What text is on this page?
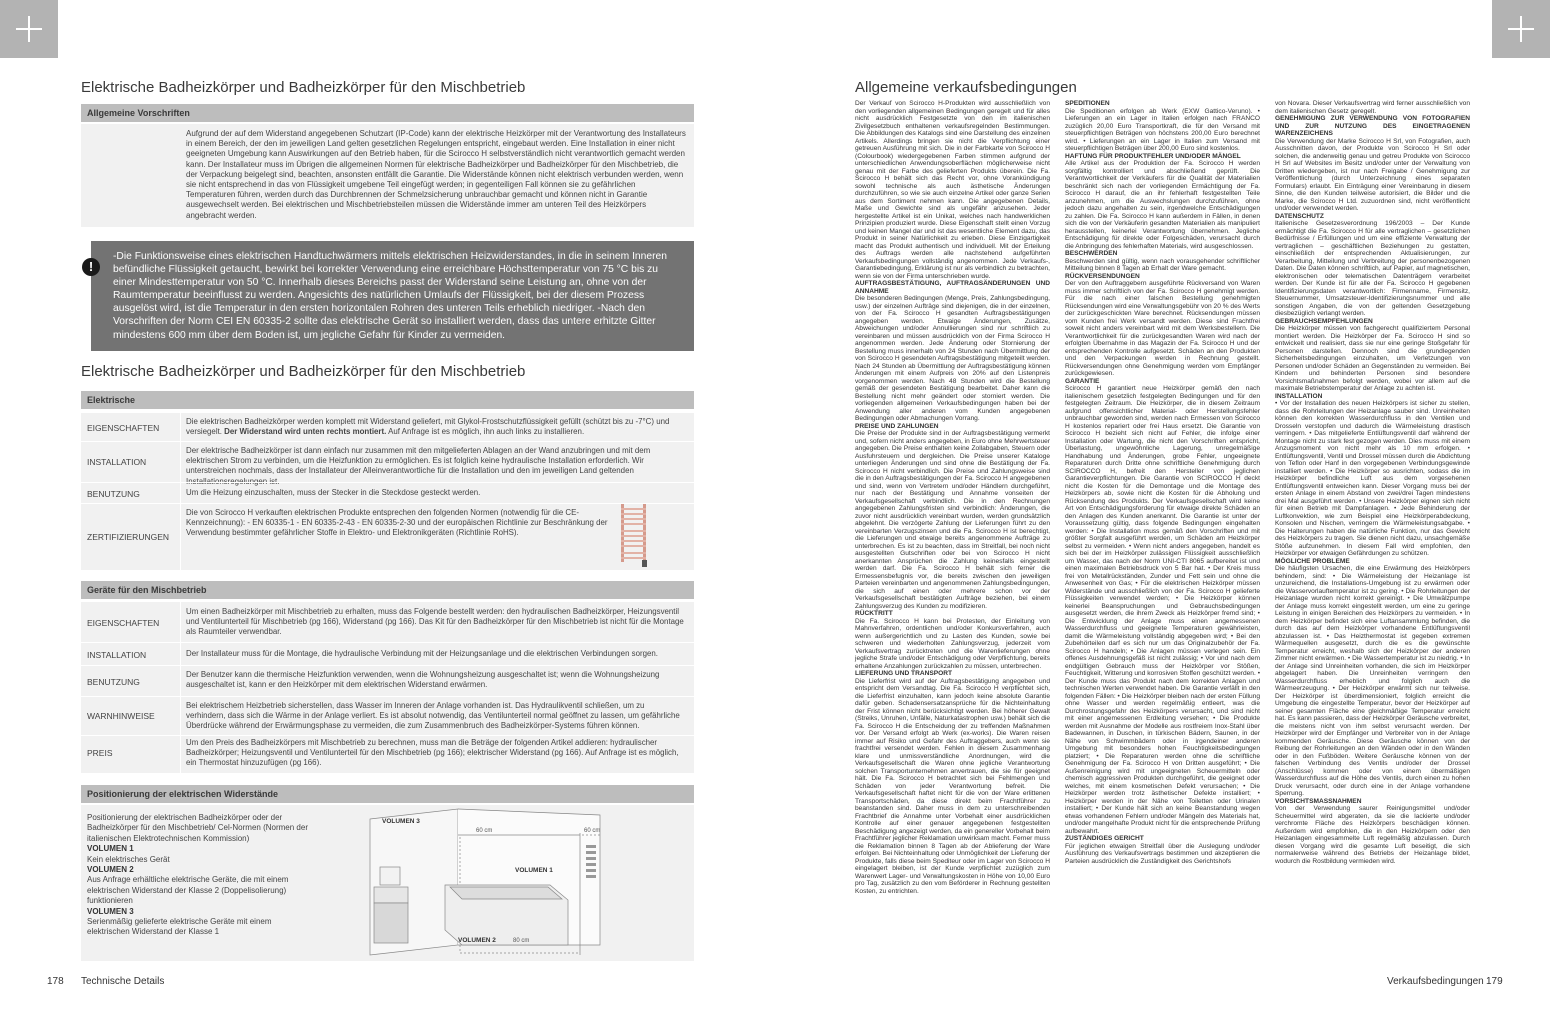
Elektrische Badheizkörper und Badheizkörper für den Mischbetrieb
Allgemeine Vorschriften
Aufgrund der auf dem Widerstand angegebenen Schutzart (IP-Code) kann der elektrische Heizkörper mit der Verantwortung des Installateurs in einem Bereich, der den im jeweiligen Land gelten gesetzlichen Regelungen entspricht, eingebaut werden. Eine Installation in einer nicht geeigneten Umgebung kann Auswirkungen auf den Betrieb haben, für die Scirocco H selbstverständlich nicht verantwortlich gemacht werden kann. Der Installateur muss im Übrigen die allgemeinen Normen für elektrische Badheizkörper und Badheizkörper für den Mischbetrieb, die der Verpackung beigelegt sind, beachten, ansonsten entfällt die Garantie. Die Widerstände können nicht elektrisch verbunden werden, wenn sie nicht entsprechend in das von Flüssigkeit umgebene Teil eingefügt werden; in gegenteiligen Fall können sie zu gefährlichen Temperaturen führen, werden durch das Durchbrennen der Schmelzsicherung unbrauchbar gemacht und können nicht in Garantie ausgewechselt werden. Bei elektrischen und Mischbetriebsteilen müssen die Widerstände immer am unteren Teil des Heizkörpers angebracht werden.
!
-Die Funktionsweise eines elektrischen Handtuchwärmers mittels elektrischen Heizwiderstandes, in die in seinem Inneren befündliche Flüssigkeit getaucht, bewirkt bei korrekter Verwendung eine erreichbare Höchsttemperatur von 75 °C bis zu einer Mindesttemperatur von 50 °C. Innerhalb dieses Bereichs passt der Widerstand seine Leistung an, ohne von der Raumtemperatur beeinflusst zu werden. Angesichts des natürlichen Umlaufs der Flüssigkeit, bei der diesem Prozess ausgelöst wird, ist die Temperatur in den ersten horizontalen Rohren des unteren Teils erheblich niedriger. -Nach den Vorschriften der Norm CEI EN 60335-2 sollte das elektrische Gerät so installiert werden, dass das untere erhitzte Gitter mindestens 600 mm über dem Boden ist, um jegliche Gefahr für Kinder zu vermeiden.
Elektrische Badheizkörper und Badheizkörper für den Mischbetrieb
Elektrische
EIGENSCHAFTEN
Die elektrischen Badheizkörper werden komplett mit Widerstand geliefert, mit Glykol-Frostschutzflüssigkeit gefüllt (schützt bis zu -7°C) und versiegelt. Der Widerstand wird unten rechts montiert. Auf Anfrage ist es möglich, ihn auch links zu installieren.
INSTALLATION
Der elektrische Badheizkörper ist dann einfach nur zusammen mit den mitgelieferten Ablagen an der Wand anzubringen und mit dem elektrischen Strom zu verbinden, um die Heizfunktion zu ermöglichen. Es ist folglich keine hydraulische Installation erforderlich. Wir unterstreichen nochmals, dass der Installateur der Alleinverantwortliche für die Installation und den im jeweiligen Land geltenden Installationsregelungen ist.
BENUTZUNG	Um die Heizung einzuschalten, muss der Stecker in die Steckdose gesteckt werden.
ZERTIFIZIERUNGEN
Die von Scirocco H verkauften elektrischen Produkte entsprechen den folgenden Normen (notwendig für die CE-Kennzeichnung): - EN 60335-1 - EN 60335-2-43 - EN 60335-2-30 und der europäischen Richtlinie zur Beschränkung der Verwendung bestimmter gefährlicher Stoffe in Elektro- und Elektronikgeräten (Richtlinie RoHS).
Geräte für den Mischbetrieb
EIGENSCHAFTEN
Um einen Badheizkörper mit Mischbetrieb zu erhalten, muss das Folgende bestellt werden: den hydraulischen Badheizkörper, Heizungsventil und Ventilunterteil für Mischbetrieb (pg 166), Widerstand (pg 166). Das Kit für den Badheizkörper für den Mischbetrieb ist nicht für die Montage als Raumteiler verwendbar.
INSTALLATION	Der Installateur muss für die Montage, die hydraulische Verbindung mit der Heizungsanlage und die elektrischen Verbindungen sorgen.
BENUTZUNG
Der Benutzer kann die thermische Heizfunktion verwenden, wenn die Wohnungsheizung ausgeschaltet ist; wenn die Wohnungsheizung ausgeschaltet ist, kann er den Heizkörper mit dem elektrischen Widerstand erwärmen.
WARNHINWEISE
Bei elektrischem Heizbetrieb sicherstellen, dass Wasser im Inneren der Anlage vorhanden ist. Das Hydraulikventil schließen, um zu verhindern, dass sich die Wärme in der Anlage verliert. Es ist absolut notwendig, das Ventilunterteil normal geöffnet zu lassen, um gefährliche Überdrücke während der Erwärmungsphase zu vermeiden, die zum Zusammenbruch des Badheizkörper-Systems führen können.
PREIS
Um den Preis des Badheizkörpers mit Mischbetrieb zu berechnen, muss man die Beträge der folgenden Artikel addieren: hydraulischer Badheizkörper; Heizungsventil und Ventilunterteil für den Mischbetrieb (pg 166); elektrischer Widerstand (pg 166). Auf Anfrage ist es möglich, ein Thermostat hinzuzufügen (pg 166).
Positionierung der elektrischen Widerstände
Positionierung der elektrischen Badheizkörper oder der Badheizkörper für den Mischbetrieb/ Cel-Normen (Normen der italienischen Elektrotechnischen Kommission)
VOLUMEN 1
Kein elektrisches Gerät
VOLUMEN 2
Aus Anfrage erhältliche elektrische Geräte, die mit einem elektrischen Widerstand der Klasse 2 (Doppelisolierung) funktionieren
VOLUMEN 3
Serienmäßig gelieferte elektrische Geräte mit einem elektrischen Widerstand der Klasse 1
VOLUMEN 3
VOLUMEN 1
VOLUMEN 2
60 cm	60 cm
80 cm
178 Technische Details
Allgemeine verkaufsbedingungen

Der Verkauf von Scirocco H-Produkten wird ausschließlich von den vorliegenden allgemeinen Bedingungen geregelt und für alles nicht ausdrücklich Festgesetzte von den im italienischen Zivilgesetzbuch enthaltenen verkaufsregelnden Bestimmungen. Die Abbildungen des Katalogs sind eine Darstellung des einzelnen Artikels. Allerdings bringen sie nicht die Verpflichtung einer getreuen Ausführung mit sich. Die in der Farbkarte von Scirocco H (Colourbook) wiedergegebenen Farben stimmen aufgrund der unterschiedlichen Anwendungsoberflächen möglicherweise nicht genau mit der Farbe des gelieferten Produkts überein. Die Fa. Scirocco H behält sich das Recht vor, ohne Vorankündigung sowohl technische als auch ästhetische Änderungen durchzuführen, so wie sie auch einzelne Artikel oder ganze Serien aus dem Sortiment nehmen kann. Die angegebenen Details, Maße und Gewichte sind als ungefähr anzusehen. Jeder hergestellte Artikel ist ein Unikat, welches nach handwerklichen Prinzipien produziert wurde. Diese Eigenschaft stellt einen Vorzug und keinen Mangel dar und ist das wesentliche Element dazu, das Produkt in seiner Natürlichkeit zu erleben. Diese Einzigartigkeit macht das Produkt authentisch und individuell. Mit der Erteilung des Auftrags werden alle nachstehend aufgeführten Verkaufsbedingungen vollständig angenommen. Jede Verkaufs-, Garantiebedingung, Erklärung ist nur als verbindlich zu betrachten, wenn sie von der Firma unterschrieben wurde.

AUFTRAGSBESTÄTIGUNG, AUFTRAGSÄNDERUNGEN UND ANNAHME

Die besonderen Bedingungen (Menge, Preis, Zahlungsbedingung, usw.) der einzelnen Aufträge sind diejenigen, die in der einzelnen, von der Fa. Scirocco H gesandten Auftragsbestätigungen angegeben werden. Etwaige Änderungen, Zusätze, Abweichungen und/oder Annullierungen sind nur schriftlich zu vereinbaren und müssen ausdrücklich von der Firma Scirocco H angenommen werden. Jede Änderung oder Stornierung der Bestellung muss innerhalb von 24 Stunden nach Übermittlung der von Scirocco H gesendeten Auftragsbestätigung mitgeteilt werden. Nach 24 Stunden ab Übermittlung der Auftragsbestätigung können Änderungen mit einem Aufpreis von 20% auf den Listenpreis vorgenommen werden. Nach 48 Stunden wird die Bestellung gemäß der gesendeten Bestätigung bearbeitet. Daher kann die Bestellung nicht mehr geändert oder storniert werden. Die vorliegenden allgemeinen Verkaufsbedingungen haben bei der Anwendung aller anderen vom Kunden angegebenen Bedingungen oder Abmachungen Vorrang.

PREISE UND ZAHLUNGEN

Die Preise der Produkte sind in der Auftragsbestätigung vermerkt und, sofern nicht anders angegeben, in Euro ohne Mehrwertsteuer angegeben. Die Preise enthalten keine Zollabgaben, Steuern oder Ausfuhrsteuern und dergleichen. Die Preise unserer Kataloge unterliegen Änderungen und sind ohne die Bestätigung der Fa. Scirocco H nicht verbindlich. Die Preise und Zahlungsweise sind die in den Auftragsbestätigungen der Fa. Scirocco H angegebenen und sind, wenn von Vertretern und/oder Händlern durchgeführt, nur nach der Bestätigung und Annahme vonseiten der Verkaufsgesellschaft verbindlich. Die in den Rechnungen angegebenen Zahlungsfristen sind verbindlich: Änderungen, die zuvor nicht ausdrücklich vereinbart wurden, werden grundsätzlich abgelehnt. Die verzögerte Zahlung der Lieferungen führt zu den vereinbarten Verzugszinsen und die Fa. Scirocco H ist berechtigt, die Lieferungen und etwaige bereits angenommene Aufträge zu unterbrechen. Es ist zu beachten, dass im Streitfall, bei noch nicht ausgestellten Gutschriften oder bei von Scirocco H nicht anerkannten Ansprüchen die Zahlung keinesfalls eingestellt werden darf. Die Fa. Scirocco H behält sich ferner die Ermessensbefugnis vor, die bereits zwischen den jeweiligen Parteien vereinbarten und angenommenen Zahlungsbedingungen, die sich auf einen oder mehrere schon vor der Verkaufsgesellschaft bestätigten Aufträge beziehen, bei einem Zahlungsverzug des Kunden zu modifizieren.

RÜCKTRITT

Die Fa. Scirocco H kann bei Protesten, der Einleitung von Mahnverfahren, ordentlichen und/oder Konkursverfahren, auch wenn außergerichtlich und zu Lasten des Kunden, sowie bei schweren und wiederholten Zahlungsverzug, jederzeit vom Verkaufsvertrag zurücktreten und die Warenlieferungen ohne jegliche Strafe und/oder Entschädigung oder Verpflichtung, bereits erhaltene Anzahlungen zurückzahlen zu müssen, unterbrechen.

LIEFERUNG UND TRANSPORT

Die Lieferfrist wird auf der Auftragsbestätigung angegeben und entspricht dem Versandtag. Die Fa. Scirocco H verpflichtet sich, die Lieferfrist einzuhalten, kann jedoch keine absolute Garantie dafür geben. Schadensersatzansprüche für die Nichteinhaltung der Frist können nicht berücksichtigt werden. Bei höherer Gewalt (Streiks, Unruhen, Unfälle, Naturkatastrophen usw.) behält sich die Fa. Scirocco H die Entscheidung der zu treffenden Maßnahmen vor. Der Versand erfolgt ab Werk (ex-works). Die Waren reisen immer auf Risiko und Gefahr des Auftraggebers, auch wenn sie frachtfrei versendet werden. Fehlen in diesem Zusammenhang klare und unmissverständliche Anordnungen, wird die Verkaufsgesellschaft die Waren ohne jegliche Verantwortung solchen Transportunternehmen anvertrauen, die sie für geeignet hält. Die Fa. Scirocco H betrachtet sich bei Fehlmengen und Schäden von jeder Verantwortung befreit. Die Verkaufsgesellschaft haftet nicht für die von der Ware erlittenen Transportschäden, da diese direkt beim Frachtführer zu beanstanden sind. Daher muss in dem zu unterschreibenden Frachtbrief die Annahme unter Vorbehalt einer ausdrücklichen Kontrolle auf einer genauer angegebenen festgestellten Beschädigung angezeigt werden, da ein genereller Vorbehalt beim Frachtführer jeglicher Reklamation unwirksam macht. Ferner muss die Reklamation binnen 8 Tagen ab der Ablieferung der Ware erfolgen. Bei Nichteinhaltung oder Unmöglichkeit der Lieferung der Produkte, falls diese beim Spediteur oder im Lager von Scirocco H eingelagert bleiben, ist der Kunde verpflichtet zuzüglich zum Warenwert Lager- und Verwaltungskosten in Höhe von 10,00 Euro pro Tag, zusätzlich zu den vom Beförderer in Rechnung gestellten Kosten, zu entrichten.

SPEDITIONEN

Die Speditionen erfolgen ab Werk (EXW Gattico-Veruno). • Lieferungen an ein Lager in Italien erfolgen nach FRANCO zuzüglich 20,00 Euro Transportkraft, die für den Versand mit steuerpflichtigen Beträgen von höchstens 200,00 Euro berechnet wird. • Lieferungen an ein Lager in Italien zum Versand mit steuerpflichtigen Beträgen über 200,00 Euro sind kostenlos.

HAFTUNG FÜR PRODUKTFEHLER UND/ODER MÄNGEL

Alle Artikel aus der Produktion der Fa. Scirocco H werden sorgfältig kontrolliert und abschließend geprüft. Die Verantwortlichkeit der Verkäufers für die Qualität der Materialien beschränkt sich nach der vorliegenden Ermächtigung der Fa. Scirocco H darauf, die an ihr fehlerhaft festgestellten Teile anzunehmen, um die Auswechslungen durchzuführen, ohne jedoch dazu angehalten zu sein, irgendwelche Entschädigungen zu zahlen. Die Fa. Scirocco H kann außerdem in Fällen, in denen sich die von der Verkäuferin gesandten Materialien als manipuliert herausstellen, keinerlei Verantwortung übernehmen. Jegliche Entschädigung für direkte oder Folgeschäden, verursacht durch die Anbringung des fehlerhaften Materials, wird ausgeschlossen.

BESCHWERDEN

Beschwerden sind gültig, wenn nach vorausgehender schriftlicher Mitteilung binnen 8 Tagen ab Erhalt der Ware gemacht.

RÜCKVERSENDUNGEN

Der von den Auftraggebern ausgeführte Rückversand von Waren muss immer schriftlich von der Fa. Scirocco H genehmigt werden. Für die nach einer falschen Bestellung genehmigten Rücksendungen wird eine Verwaltungsgebühr von 20 % des Werts der zurückgeschickten Ware berechnet. Rücksendungen müssen vom Kunden frei Werk versandt werden. Diese sind Frachtfrei soweit nicht anders vereinbart wird mit dem Werksbestellern. Die Verantwortlichkeit für die zurückgesandten Waren wird nach der erfolgten Übernahme in das Magazin der Fa. Scirocco H und der entsprechenden Kontrolle aufgesetzt. Schäden an den Produkten und den Verpackungen werden in Rechnung gestellt. Rückversendungen ohne Genehmigung werden vom Empfänger zurückgewiesen.

GARANTIE

Scirocco H garantiert neue Heizkörper gemäß den nach italienischem gesetzlich festgelegten Bedingungen und für den festgelegten Zeitraum. Die Heizkörper, die in diesem Zeitraum aufgrund offensichtlicher Material- oder Herstellungsfehler unbrauchbar geworden sind, werden nach Ermessen von Scirocco H kostenlos repariert oder frei Haus ersetzt. Die Garantie von Scirocco H bezieht sich nicht auf Fehler, die infolge einer Installation oder Wartung, die nicht den Vorschriften entspricht, Überlastung, ungewöhnliche Lagerung, unregelmäßige Handhabung und Änderungen, grobe Fehler, ungeeignete Reparaturen durch Dritte ohne schriftliche Genehmigung durch SCIROCCO H, befreit den Hersteller von jeglichen Garantieverpflichtungen. Die Garantie von SCIROCCO H deckt nicht die Kosten für die Demontage und die Montage des Heizkörpers ab, sowie nicht die Kosten für die Abholung und Rücksendung des Produkts. Der Verkaufsgesellschaft wird keine Art von Entschädigungsforderung für etwaige direkte Schäden an den Anlagen des Kunden anerkannt. Die Garantie ist unter der Voraussetzung gültig, dass folgende Bedingungen eingehalten werden: • Die Installation muss gemäß den Vorschriften und mit größter Sorgfalt ausgeführt werden, um Schäden am Heizkörper selbst zu vermeiden. • Wenn nicht anders angegeben, handelt es sich bei der im Heizkörper zulässigen Flüssigkeit ausschließlich um Wasser, das nach der Norm UNI-CTI 8065 aufbereitet ist und einen maximalen Betriebsdruck von 5 Bar hat. • Der Kreis muss frei von Metallrückständen, Zunder und Fett sein und ohne die Anwesenheit von Gas; • Für die elektrischen Heizkörper müssen Widerstände und ausschließlich von der Fa. Scirocco H gelieferte Flüssigkeiten verwendet werden; • Die Heizkörper können keinerlei Beanspruchungen und Gebrauchsbedingungen ausgesetzt werden, die ihrem Zweck als Heizkörper fremd sind; • Die Entwicklung der Anlage muss einen angemessenen Wasserdurchfluss und geeignete Temperaturen gewährleisten, damit die Wärmeleistung vollständig abgegeben wird; • Bei den Zubehörteilen darf es sich nur um das Originalzubehör der Fa. Scirocco H handeln; • Die Anlagen müssen verlegen sein. Ein offenes Ausdehnungsgefäß ist nicht zulässig; • Vor und nach dem endgültigen Gebrauch muss der Heizkörper vor Stößen, Feuchtigkeit, Witterung und korrosiven Stoffen geschützt werden. • Der Kunde muss das Produkt nach dem korrekten Anlagen und technischen Werten verwendet haben. Die Garantie verfällt in den folgenden Fällen: • Die Heizkörper bleiben nach der ersten Füllung ohne Wasser und werden regelmäßig entleert, was die Durchrostungsgefahr des Heizkörpers verursacht, und sind nicht mit einer angemessenen Erdleitung versehen; • Die Produkte werden mit Ausnahme der Modelle aus rostfreiem Inox-Stahl über Badewannen, in Duschen, in türkischen Bädern, Saunen, in der Nähe von Schwimmbädern oder in irgendeiner anderen Umgebung mit besonders hohen Feuchtigkeitsbedingungen platziert; • Die Reparaturen werden ohne die schriftliche Genehmigung der Fa. Scirocco H von Dritten ausgeführt; • Die Außenreinigung wird mit ungeeigneten Scheuermitteln oder chemisch aggressiven Produkten durchgeführt, die geeignet oder welches, mit einem kosmetischen Defekt verursachen; • Die Heizkörper werden trotz ästhetischer Defekte installiert; • Heizkörper werden in der Nähe von Toiletten oder Urinalen installiert; • Der Kunde hält sich an keine Beanstandung wegen etwas vorhandenen Fehlern und/oder Mängeln des Materials hat, und/oder mangelhafte Produkt nicht für die entsprechende Prüfung aufbewahrt.

ZUSTÄNDIGES GERICHT

Für jeglichen etwaigen Streitfall über die Auslegung und/oder Ausführung des Verkaufsvertrags bestimmen und akzeptieren die Parteien ausdrücklich die Zuständigkeit des Gerichtshofs

von Novara. Dieser Verkaufsvertrag wird ferner ausschließlich von dem italienischen Gesetz geregelt.

GENEHMIGUNG ZUR VERWENDUNG VON FOTOGRAFIEN UND ZUR NUTZUNG DES EINGETRAGENEN WARENZEICHENS

Die Verwendung der Marke Scirocco H Srl, von Fotografien, auch Ausschnitten davon, der Produkte von Scirocco H Srl oder solchen, die anderweitig genau und getreu Produkte von Scirocco H Srl auf Websites im Besitz und/oder unter der Verwaltung von Dritten wiedergeben, ist nur nach Freigabe / Genehmigung zur Veröffentlichung (durch Unterzeichnung eines separaten Formulars) erlaubt. Ein Einträgung einer Vereinbarung in diesem Sinne, die den Kunden teilweise autorisiert, die Bilder und die Marke, die Scirocco H Ltd. zuzuordnen sind, nicht veröffentlicht und/oder verwendet werden.

DATENSCHUTZ

Italienische Gesetzesverordnung 196/2003 – Der Kunde ermächtigt die Fa. Scirocco H für alle vertraglichen – gesetzlichen Bedürfnisse / Erfüllungen und um eine effiziente Verwaltung der vertraglichen – geschäftlichen Beziehungen zu gestatten, einschließlich der entsprechenden Aktualisierungen, zur Verarbeitung, Mitteilung und Verbreitung der personenbezogenen Daten. Die Daten können schriftlich, auf Papier, auf magnetischen, elektronischen oder telematischen Datenträgern verarbeitet werden. Der Kunde ist für alle der Fa. Scirocco H gegebenen Identifizierungsdaten verantwortlich: Firmenname, Firmensitz, Steuernummer, Umsatzsteuer-Identifizierungsnummer und alle sonstigen Angaben, die von der geltenden Gesetzgebung diesbezüglich verlangt werden.

GEBRAUCHSEMPFEHLUNGEN

Die Heizkörper müssen von fachgerecht qualifiziertem Personal montiert werden. Die Heizkörper der Fa. Scirocco H sind so entwickelt und realisiert, dass sie nur eine geringe Stoßgefahr für Personen darstellen. Dennoch sind die grundlegenden Sicherheitsbedingungen einzuhalten, um Verletzungen von Personen und/oder Schäden an Gegenständen zu vermeiden. Bei Kindern und behinderten Personen sind besondere Vorsichtsmaßnahmen befolgt werden, wobei vor allem auf die maximale Betriebstemperatur der Anlage zu achten ist.

INSTALLATION

• Vor der Installation des neuen Heizkörpers ist sicher zu stellen, dass die Rohrleitungen der Heizanlage sauber sind. Unreinheiten können den korrekten Wasserdurchfluss in den Ventilen und Drosseln verstopfen und dadurch die Wärmeleistung drastisch verringern. • Das mitgelieferte Entlüftungsventil darf während der Montage nicht zu stark fest gezogen werden. Dies muss mit einem Anzugsmoment von nicht mehr als 10 mm erfolgen. • Entlüftungsventil, Ventil und Drossel müssen durch die Abdichtung von Teflon oder Hanf in den vorgegebenen Verbindungsgewinde installiert werden. • Die Heizkörper so ausrichten, sodass die im Heizkörper befindliche Luft aus dem vorgesehenen Entlüftungsventil entweichen kann. Dieser Vorgang muss bei der ersten Anlage in einem Abstand von zwei/drei Tagen mindestens drei Mal ausgeführt werden. • Unsere Heizkörper eignen sich nicht für einen Betrieb mit Dampfanlagen. • Jede Behinderung der Luftkonvektion, wie zum Beispiel eine Heizkörperabdeckung, Konsolen und Nischen, verringern die Wärmeleistungsabgabe. • Die Halterungen haben die natürliche Funktion, nur das Gewicht des Heizkörpers zu tragen. Sie dienen nicht dazu, unsachgemäße Stöße aufzunehmen. In diesem Fall wird empfohlen, den Heizkörper vor etwaigen Gefährdungen zu schützen.

MÖGLICHE PROBLEME

Die häufigsten Ursachen, die eine Erwärmung des Heizkörpers behindern, sind: • Die Wärmeleistung der Heizanlage ist unzureichend, die Installations-Umgebung ist zu erwärmen oder die Wasservorlauftemperatur ist zu gering. • Die Rohrleitungen der Heizanlage wurden nicht korrekt gereinigt. • Die Umwälzpumpe der Anlage muss korrekt eingestellt werden, um eine zu geringe Leistung in einigen Bereichen des Heizkörpers zu vermeiden. • In dem Heizkörper befindet sich eine Luftansammlung befinden, die durch das auf dem Heizkörper vorhandene Entlüftungsventil abzulassen ist. • Das Heizthermostat ist gegeben extremen Wärmequellen ausgesetzt, durch die es die gewünschte Temperatur erreicht, weshalb sich der Heizkörper der anderen Zimmer nicht erwärmen. • Die Wassertemperatur ist zu niedrig. • In der Anlage sind Unreinheiten vorhanden, die sich im Heizkörper abgelagert haben. Die Unreinheiten verringern den Wasserdurchfluss erheblich und folglich auch die Wärmeerzeugung. • Der Heizkörper erwärmt sich nur teilweise. Der Heizkörper ist überdimensioniert, folglich erreicht die Umgebung die eingestellte Temperatur, bevor der Heizkörper auf seiner gesamten Fläche eine gleichmäßige Temperatur erreicht hat. Es kann passieren, dass der Heizkörper Geräusche verbreitet, die meistens nicht von ihm selbst verursacht werden. Der Heizkörper wird der Empfänger und Verbreiter von in der Anlage kommenden Geräusche. Diese Geräusche können von der Reibung der Rohrleitungen an den Wänden oder in den Wänden oder in den Fußböden. Weitere Geräusche können von der falschen Verbindung des Ventils und/oder der Drossel (Anschlüsse) kommen oder von einem übermäßigen Wasserdurchfluss auf die Höhe des Ventils, durch einen zu hohen Druck verursacht, oder durch eine in der Anlage vorhandene Sperrung.

VORSICHTSMASSNAHMEN

Von der Verwendung saurer Reinigungsmittel und/oder Scheuermittel wird abgeraten, da sie die lackierte und/oder verchromte Fläche des Heizkörpers beschädigen können. Außerdem wird empfohlen, die in den Heizkörpern oder den Heizanlagen eingesammelte Luft regelmäßig abzulassen. Durch diesen Vorgang wird die gesamte Luft beseitigt, die sich normalerweise während des Betriebs der Heizanlage bildet, wodurch die Rostbildung vermieden wird.

Verkaufsbedingungen 179
